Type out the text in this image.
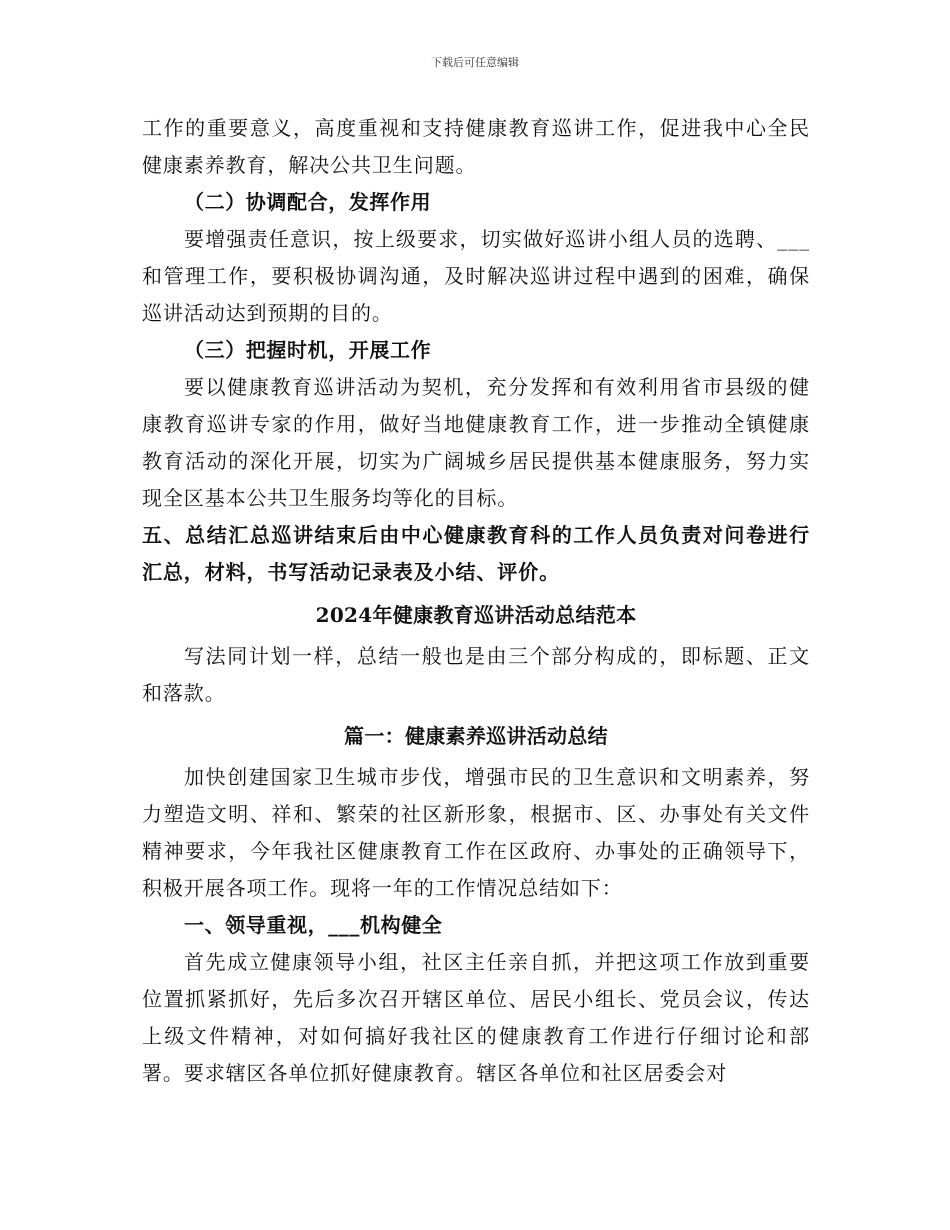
下载后可任意编辑

工作的重要意义，高度重视和支持健康教育巡讲工作，促进我中心全民健康素养教育，解决公共卫生问题。

（二）协调配合，发挥作用

要增强责任意识，按上级要求，切实做好巡讲小组人员的选聘、___和管理工作，要积极协调沟通，及时解决巡讲过程中遇到的困难，确保巡讲活动达到预期的目的。

（三）把握时机，开展工作

要以健康教育巡讲活动为契机，充分发挥和有效利用省市县级的健康教育巡讲专家的作用，做好当地健康教育工作，进一步推动全镇健康教育活动的深化开展，切实为广阔城乡居民提供基本健康服务，努力实现全区基本公共卫生服务均等化的目标。

五、总结汇总巡讲结束后由中心健康教育科的工作人员负责对问卷进行汇总，材料，书写活动记录表及小结、评价。

2024年健康教育巡讲活动总结范本

写法同计划一样，总结一般也是由三个部分构成的，即标题、正文和落款。

篇一：健康素养巡讲活动总结

加快创建国家卫生城市步伐，增强市民的卫生意识和文明素养，努力塑造文明、祥和、繁荣的社区新形象，根据市、区、办事处有关文件精神要求，今年我社区健康教育工作在区政府、办事处的正确领导下，积极开展各项工作。现将一年的工作情况总结如下：

一、领导重视，___机构健全

首先成立健康领导小组，社区主任亲自抓，并把这项工作放到重要位置抓紧抓好，先后多次召开辖区单位、居民小组长、党员会议，传达上级文件精神，对如何搞好我社区的健康教育工作进行仔细讨论和部署。要求辖区各单位抓好健康教育。辖区各单位和社区居委会对
